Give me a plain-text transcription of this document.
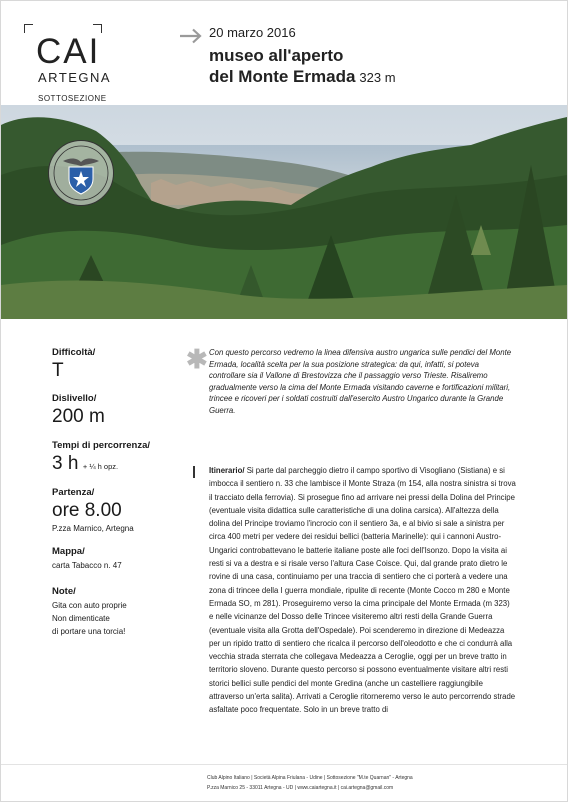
CAI
ARTEGNA
SOTTOSEZIONE
20 marzo 2016
museo all'aperto
del Monte Ermada 323 m
Difficoltà/
T
Dislivello/
200 m
Tempi di percorrenza/
3 h + ¼ h opz.
Partenza/
ore 8.00
P.zza Marnico, Artegna
Mappa/
carta Tabacco n. 47
Note/
Gita con auto proprie
Non dimenticate
di portare una torcia!
✱ Con questo percorso vedremo la linea difensiva austro ungarica sulle pendici del Monte Ermada, località scelta per la sua posizione strategica: da qui, infatti, si poteva controllare sia il Vallone di Brestovizza che il passaggio verso Trieste. Risaliremo gradualmente verso la cima del Monte Ermada visitando caverne e fortificazioni militari, trincee e ricoveri per i soldati costruiti dall'esercito Austro Ungarico durante la Grande Guerra.

Itinerario/ Si parte dal parcheggio dietro il campo sportivo di Visogliano (Sistiana) e si imbocca il sentiero n. 33 che lambisce il Monte Straza (m 154, alla nostra sinistra si trova il tracciato della ferrovia). Si prosegue fino ad arrivare nei pressi della Dolina del Principe (eventuale visita didattica sulle caratteristiche di una dolina carsica). All'altezza della dolina del Principe troviamo l'incrocio con il sentiero 3a, e al bivio si sale a sinistra per circa 400 metri per vedere dei residui bellici (batteria Marinelle): qui i cannoni Austro-Ungarici controbattevano le batterie italiane poste alle foci dell'Isonzo. Dopo la visita ai resti si va a destra e si risale verso l'altura Case Coisce. Qui, dal grande prato dietro le rovine di una casa, continuiamo per una traccia di sentiero che ci porterà a vedere una zona di trincee della I guerra mondiale, ripulite di recente (Monte Cocco m 280 e Monte Ermada SO, m 281). Proseguiremo verso la cima principale del Monte Ermada (m 323) e nelle vicinanze del Dosso delle Trincee visiteremo altri resti della Grande Guerra (eventuale visita alla Grotta dell'Ospedale). Poi scenderemo in direzione di Medeazza per un ripido tratto di sentiero che ricalca il percorso dell'oleodotto e che ci condurrà alla vecchia strada sterrata che collegava Medeazza a Ceroglie, oggi per un breve tratto in territorio sloveno. Durante questo percorso si possono eventualmente visitare altri resti storici bellici sulle pendici del monte Gredina (anche un castelliere raggiungibile attraverso un'erta salita). Arrivati a Ceroglie ritorneremo verso le auto percorrendo strade asfaltate poco frequentate. Solo in un breve tratto di

Club Alpino Italiano | Società Alpina Friulana - Udine | Sottosezione "M.te Quarnan" - Artegna
P.zza Marnico 25 - 33011 Artegna - UD | www.caiartegna.it | cai.artegna@gmail.com
